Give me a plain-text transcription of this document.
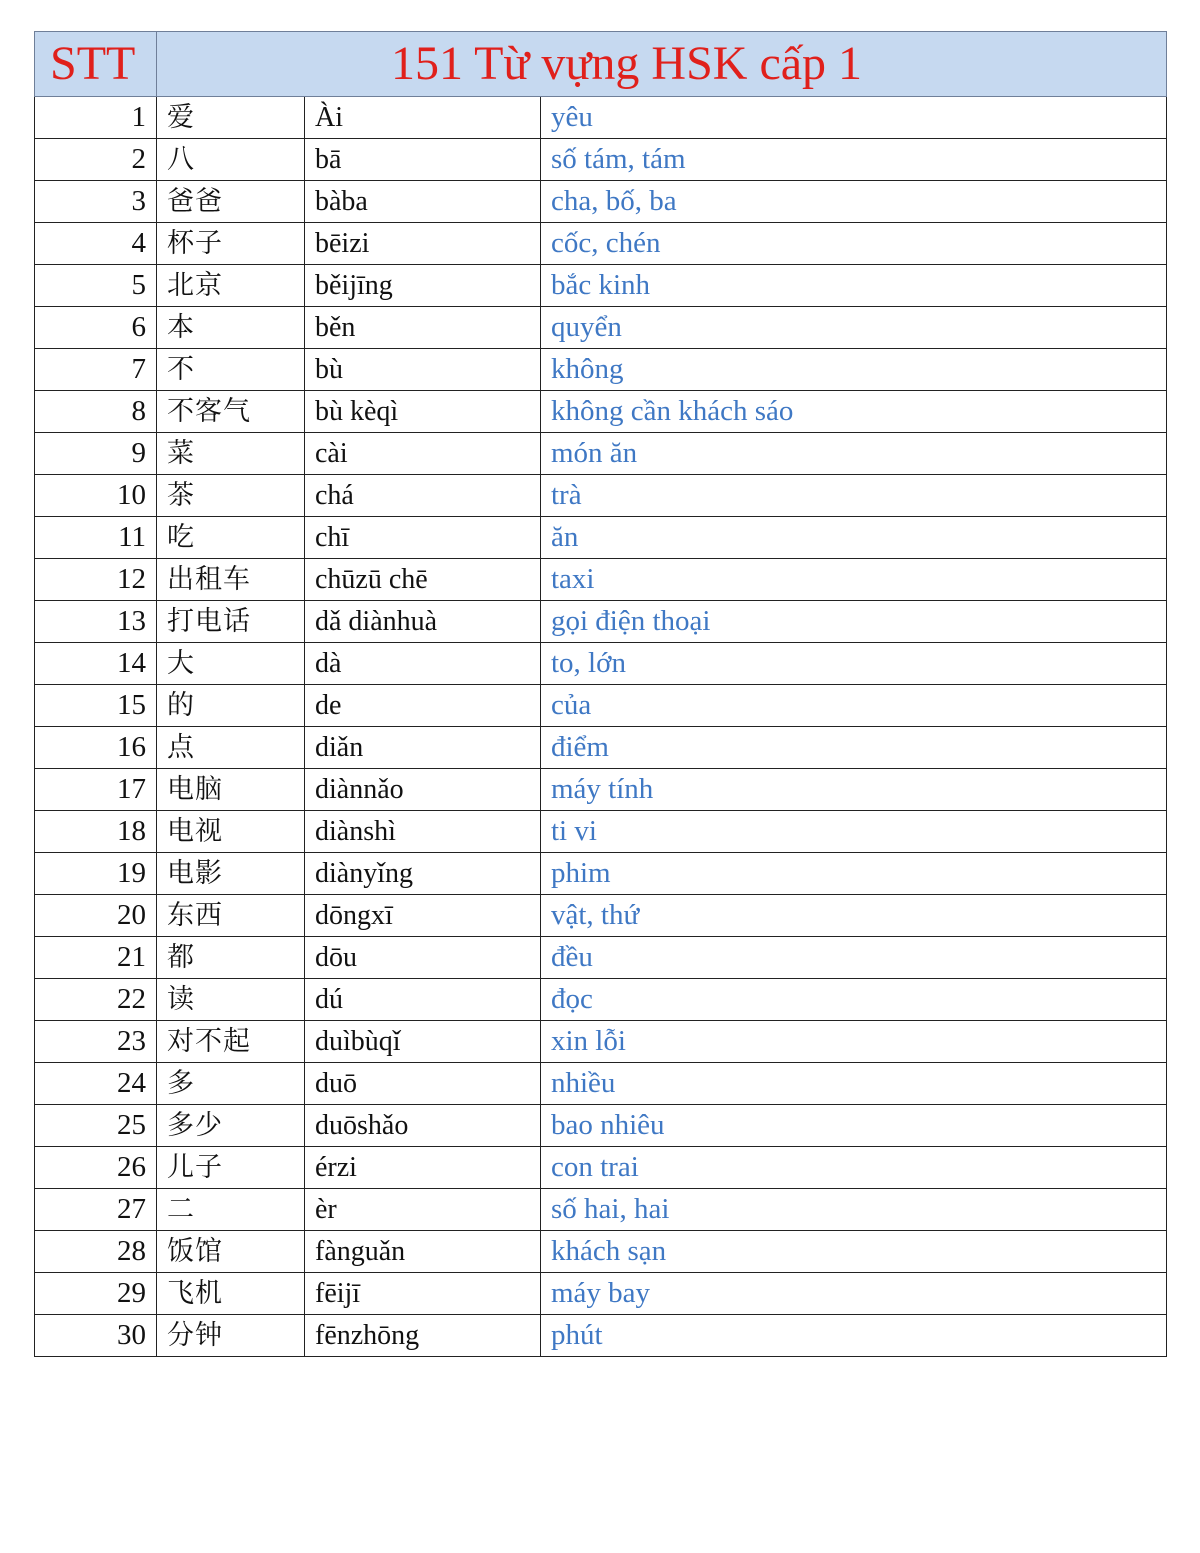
STT	151 Từ vựng HSK cấp 1		
1	爱	Ài	yêu
2	八	bā	số tám, tám
3	爸爸	bàba	cha, bố, ba
4	杯子	bēizi	cốc, chén
5	北京	běijīng	bắc kinh
6	本	běn	quyển
7	不	bù	không
8	不客气	bù kèqì	không cần khách sáo
9	菜	cài	món ăn
10	茶	chá	trà
11	吃	chī	ăn
12	出租车	chūzū chē	taxi
13	打电话	dǎ diànhuà	gọi điện thoại
14	大	dà	to, lớn
15	的	de	của
16	点	diǎn	điểm
17	电脑	diànnǎo	máy tính
18	电视	diànshì	ti vi
19	电影	diànyǐng	phim
20	东西	dōngxī	vật, thứ
21	都	dōu	đều
22	读	dú	đọc
23	对不起	duìbùqǐ	xin lỗi
24	多	duō	nhiều
25	多少	duōshǎo	bao nhiêu
26	儿子	érzi	con trai
27	二	èr	số hai, hai
28	饭馆	fànguǎn	khách sạn
29	飞机	fēijī	máy bay
30	分钟	fēnzhōng	phút
